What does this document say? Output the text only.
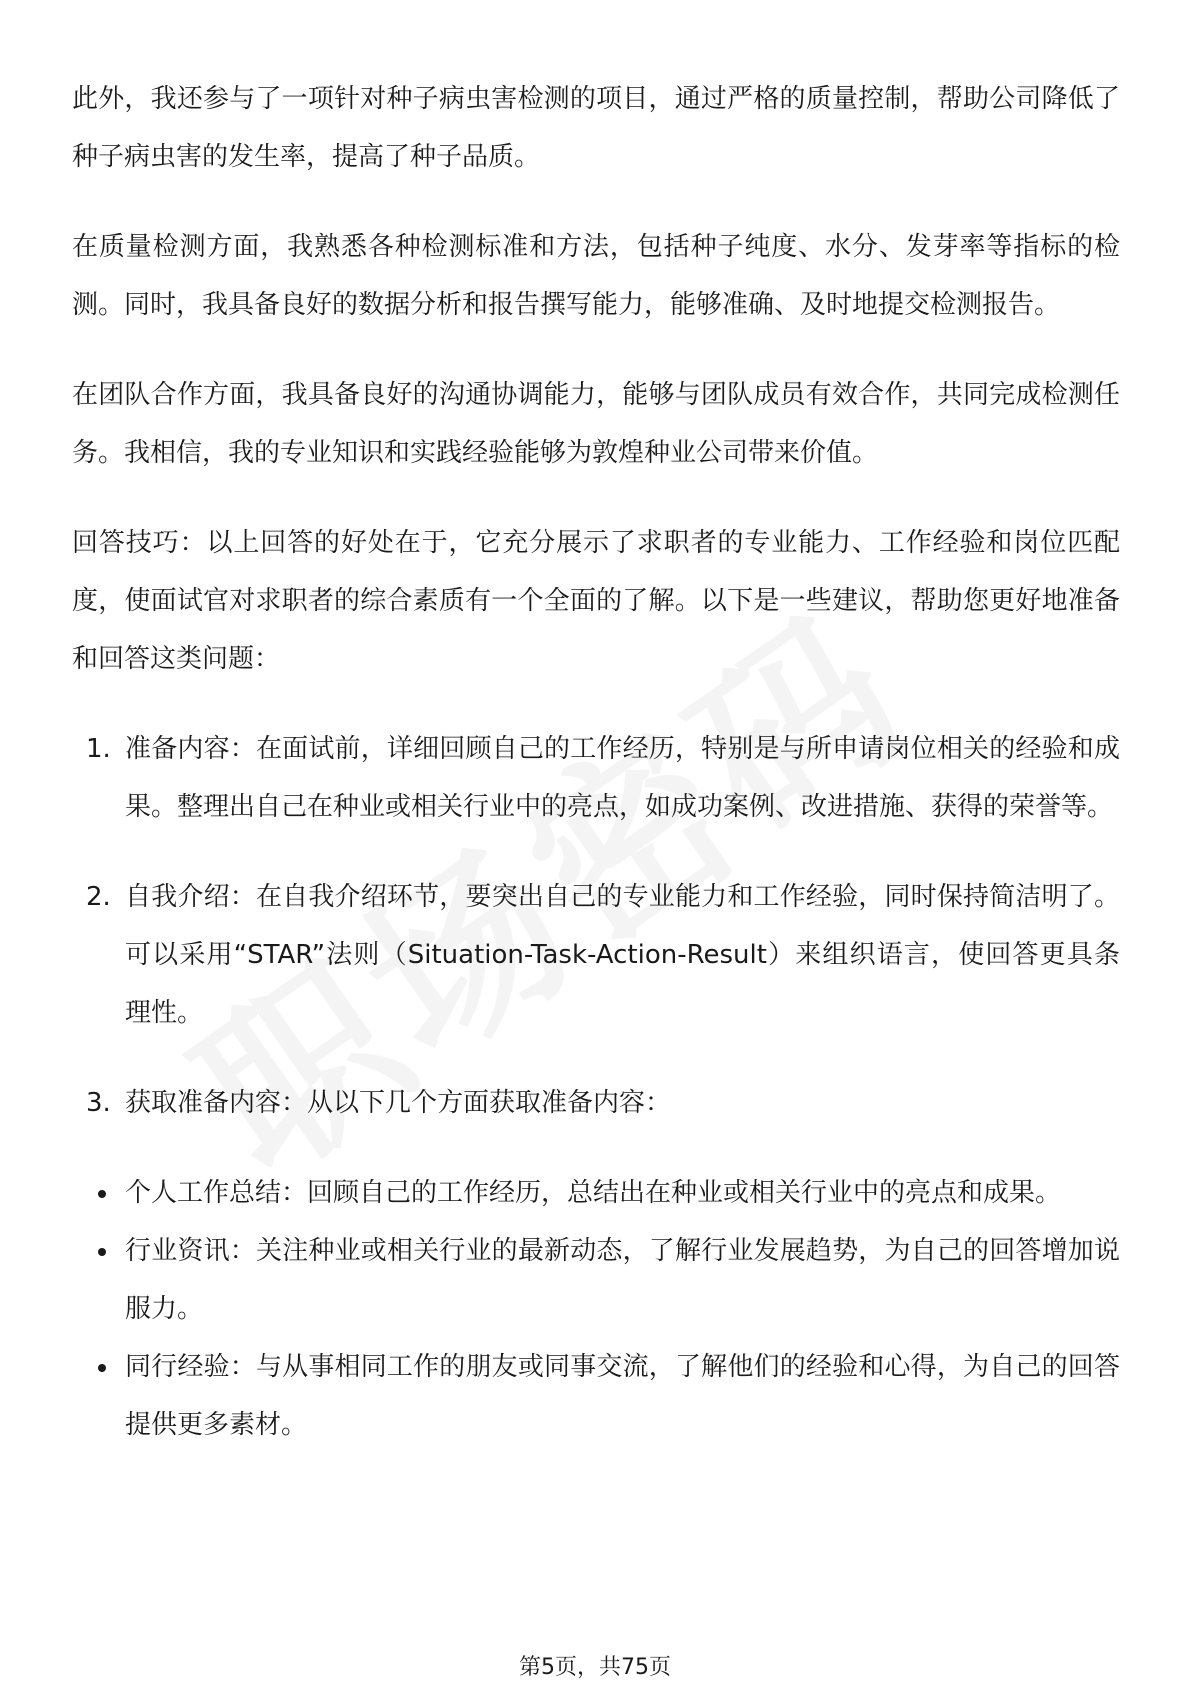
此外，我还参与了一项针对种子病虫害检测的项目，通过严格的质量控制，帮助公司降低了种子病虫害的发生率，提高了种子品质。

在质量检测方面，我熟悉各种检测标准和方法，包括种子纯度、水分、发芽率等指标的检测。同时，我具备良好的数据分析和报告撰写能力，能够准确、及时地提交检测报告。

在团队合作方面，我具备良好的沟通协调能力，能够与团队成员有效合作，共同完成检测任务。我相信，我的专业知识和实践经验能够为敦煌种业公司带来价值。

回答技巧：以上回答的好处在于，它充分展示了求职者的专业能力、工作经验和岗位匹配度，使面试官对求职者的综合素质有一个全面的了解。以下是一些建议，帮助您更好地准备和回答这类问题：

1. 准备内容：在面试前，详细回顾自己的工作经历，特别是与所申请岗位相关的经验和成果。整理出自己在种业或相关行业中的亮点，如成功案例、改进措施、获得的荣誉等。
2. 自我介绍：在自我介绍环节，要突出自己的专业能力和工作经验，同时保持简洁明了。可以采用“STAR”法则（Situation-Task-Action-Result）来组织语言，使回答更具条理性。
3. 获取准备内容：从以下几个方面获取准备内容：
个人工作总结：回顾自己的工作经历，总结出在种业或相关行业中的亮点和成果。
行业资讯：关注种业或相关行业的最新动态，了解行业发展趋势，为自己的回答增加说服力。
同行经验：与从事相同工作的朋友或同事交流，了解他们的经验和心得，为自己的回答提供更多素材。
第5页，共75页
